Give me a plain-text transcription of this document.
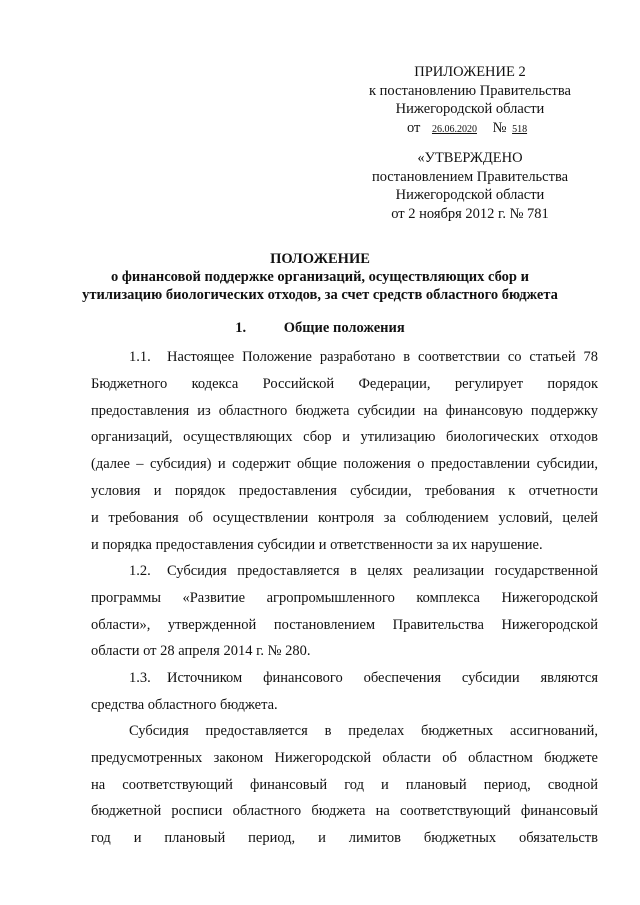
ПРИЛОЖЕНИЕ 2
к постановлению Правительства
Нижегородской области
от 26.06.2020 № 518
«УТВЕРЖДЕНО
постановлением Правительства
Нижегородской области
от 2 ноября 2012 г. № 781
ПОЛОЖЕНИЕ
о финансовой поддержке организаций, осуществляющих сбор и
утилизацию биологических отходов, за счет средств областного бюджета
1.	Общие положения
1.1. Настоящее Положение разработано в соответствии со статьей 78
Бюджетного кодекса Российской Федерации, регулирует порядок
предоставления из областного бюджета субсидии на финансовую поддержку
организаций, осуществляющих сбор и утилизацию биологических отходов
(далее – субсидия) и содержит общие положения о предоставлении субсидии,
условия и порядок предоставления субсидии, требования к отчетности
и требования об осуществлении контроля за соблюдением условий, целей
и порядка предоставления субсидии и ответственности за их нарушение.
1.2. Субсидия предоставляется в целях реализации государственной
программы «Развитие агропромышленного комплекса Нижегородской
области», утвержденной постановлением Правительства Нижегородской
области от 28 апреля 2014 г. № 280.
1.3. Источником финансового обеспечения субсидии являются
средства областного бюджета.
Субсидия предоставляется в пределах бюджетных ассигнований,
предусмотренных законом Нижегородской области об областном бюджете
на соответствующий финансовый год и плановый период, сводной
бюджетной росписи областного бюджета на соответствующий финансовый
год и плановый период, и лимитов бюджетных обязательств
